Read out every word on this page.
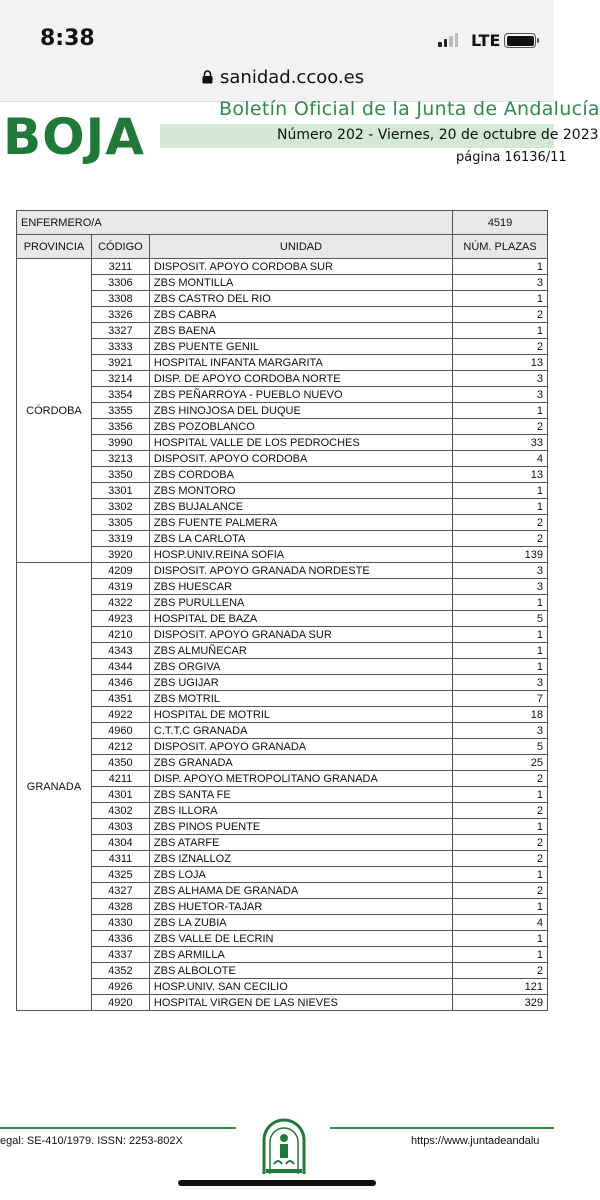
8:38	LTE
sanidad.ccoo.es
BOJA	Boletín Oficial de la Junta de Andalucía
Número 202 - Viernes, 20 de octubre de 2023
página 16136/11
ENFERMERO/A			4519
PROVINCIA	CÓDIGO	UNIDAD	NÚM. PLAZAS
CÓRDOBA	3211	DISPOSIT. APOYO CORDOBA SUR	1
	3306	ZBS MONTILLA	3
	3308	ZBS CASTRO DEL RIO	1
	3326	ZBS CABRA	2
	3327	ZBS BAENA	1
	3333	ZBS PUENTE GENIL	2
	3921	HOSPITAL INFANTA MARGARITA	13
	3214	DISP. DE APOYO CORDOBA NORTE	3
	3354	ZBS PEÑARROYA - PUEBLO NUEVO	3
	3355	ZBS HINOJOSA DEL DUQUE	1
	3356	ZBS POZOBLANCO	2
	3990	HOSPITAL VALLE DE LOS PEDROCHES	33
	3213	DISPOSIT. APOYO CORDOBA	4
	3350	ZBS CORDOBA	13
	3301	ZBS MONTORO	1
	3302	ZBS BUJALANCE	1
	3305	ZBS FUENTE PALMERA	2
	3319	ZBS LA CARLOTA	2
	3920	HOSP.UNIV.REINA SOFIA	139
GRANADA	4209	DISPOSIT. APOYO GRANADA NORDESTE	3
	4319	ZBS HUESCAR	3
	4322	ZBS PURULLENA	1
	4923	HOSPITAL DE BAZA	5
	4210	DISPOSIT. APOYO GRANADA SUR	1
	4343	ZBS ALMUÑECAR	1
	4344	ZBS ORGIVA	1
	4346	ZBS UGIJAR	3
	4351	ZBS MOTRIL	7
	4922	HOSPITAL DE MOTRIL	18
	4960	C.T.T.C GRANADA	3
	4212	DISPOSIT. APOYO GRANADA	5
	4350	ZBS GRANADA	25
	4211	DISP. APOYO METROPOLITANO GRANADA	2
	4301	ZBS SANTA FE	1
	4302	ZBS ILLORA	2
	4303	ZBS PINOS PUENTE	1
	4304	ZBS ATARFE	2
	4311	ZBS IZNALLOZ	2
	4325	ZBS LOJA	1
	4327	ZBS ALHAMA DE GRANADA	2
	4328	ZBS HUETOR-TAJAR	1
	4330	ZBS LA ZUBIA	4
	4336	ZBS VALLE DE LECRIN	1
	4337	ZBS ARMILLA	1
	4352	ZBS ALBOLOTE	2
	4926	HOSP.UNIV. SAN CECILIO	121
	4920	HOSPITAL VIRGEN DE LAS NIEVES	329
egal: SE-410/1979. ISSN: 2253-802X	https://www.juntadeandalu
